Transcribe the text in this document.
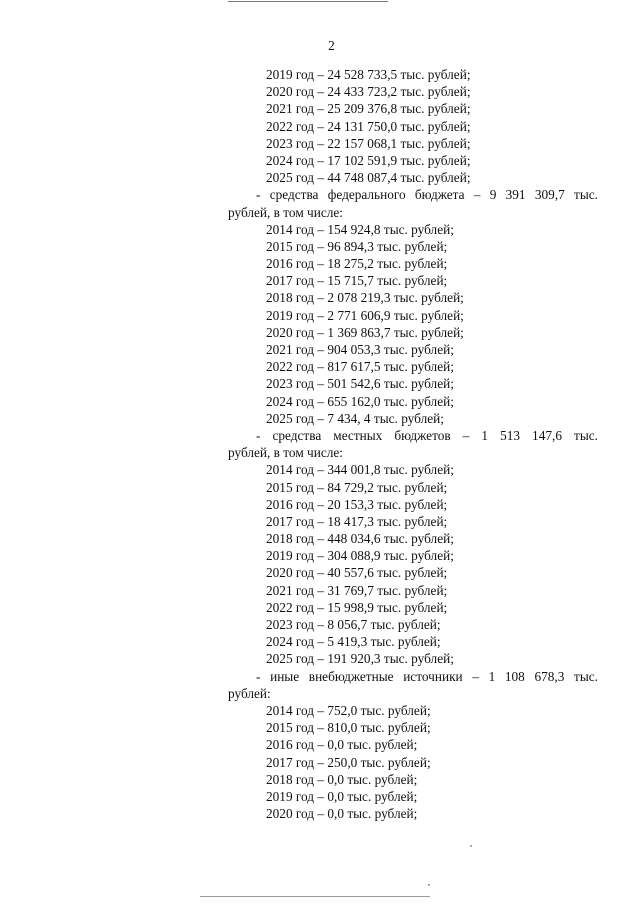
2
2019 год – 24 528 733,5 тыс. рублей;
2020 год – 24 433 723,2 тыс. рублей;
2021 год – 25 209 376,8 тыс. рублей;
2022 год – 24 131 750,0 тыс. рублей;
2023 год – 22 157 068,1 тыс. рублей;
2024 год – 17 102 591,9 тыс. рублей;
2025 год – 44 748 087,4 тыс. рублей;
- средства федерального бюджета – 9 391 309,7 тыс.
рублей, в том числе:
2014 год – 154 924,8 тыс. рублей;
2015 год – 96 894,3 тыс. рублей;
2016 год – 18 275,2 тыс. рублей;
2017 год – 15 715,7 тыс. рублей;
2018 год – 2 078 219,3 тыс. рублей;
2019 год – 2 771 606,9 тыс. рублей;
2020 год – 1 369 863,7 тыс. рублей;
2021 год – 904 053,3 тыс. рублей;
2022 год – 817 617,5 тыс. рублей;
2023 год – 501 542,6 тыс. рублей;
2024 год – 655 162,0 тыс. рублей;
2025 год – 7 434, 4 тыс. рублей;
- средства местных бюджетов – 1 513 147,6 тыс.
рублей, в том числе:
2014 год – 344 001,8 тыс. рублей;
2015 год – 84 729,2 тыс. рублей;
2016 год – 20 153,3 тыс. рублей;
2017 год – 18 417,3 тыс. рублей;
2018 год – 448 034,6 тыс. рублей;
2019 год – 304 088,9 тыс. рублей;
2020 год – 40 557,6 тыс. рублей;
2021 год – 31 769,7 тыс. рублей;
2022 год – 15 998,9 тыс. рублей;
2023 год – 8 056,7 тыс. рублей;
2024 год – 5 419,3 тыс. рублей;
2025 год – 191 920,3 тыс. рублей;
- иные внебюджетные источники – 1 108 678,3 тыс.
рублей:
2014 год – 752,0 тыс. рублей;
2015 год – 810,0 тыс. рублей;
2016 год – 0,0 тыс. рублей;
2017 год – 250,0 тыс. рублей;
2018 год – 0,0 тыс. рублей;
2019 год – 0,0 тыс. рублей;
2020 год – 0,0 тыс. рублей;
